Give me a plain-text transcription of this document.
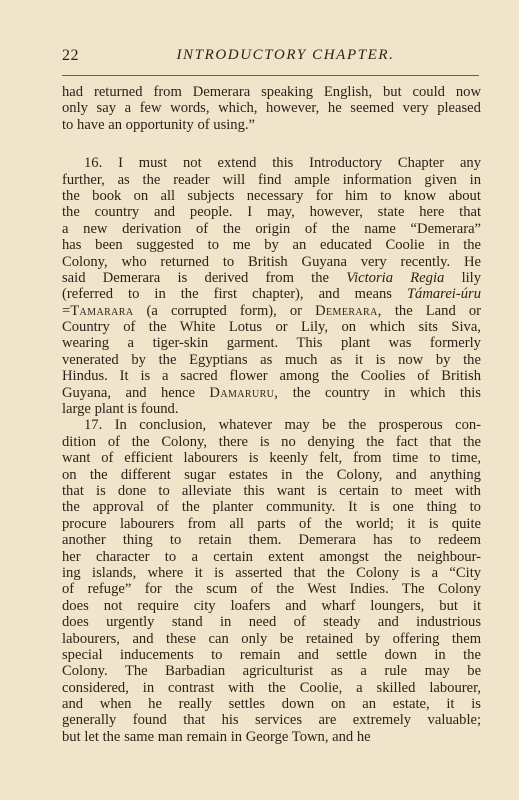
22	INTRODUCTORY CHAPTER.
had returned from Demerara speaking English, but could now
only say a few words, which, however, he seemed very pleased
to have an opportunity of using.”
16. I must not extend this Introductory Chapter any
further, as the reader will find ample information given in
the book on all subjects necessary for him to know about
the country and people. I may, however, state here that
a new derivation of the origin of the name “Demerara”
has been suggested to me by an educated Coolie in the
Colony, who returned to British Guyana very recently. He
said Demerara is derived from the Victoria Regia lily
(referred to in the first chapter), and means Támarei-úru
=Tamarara (a corrupted form), or Demerara, the Land or
Country of the White Lotus or Lily, on which sits Siva,
wearing a tiger-skin garment. This plant was formerly
venerated by the Egyptians as much as it is now by the
Hindus. It is a sacred flower among the Coolies of British
Guyana, and hence Damaruru, the country in which this
large plant is found.
17. In conclusion, whatever may be the prosperous con-
dition of the Colony, there is no denying the fact that the
want of efficient labourers is keenly felt, from time to time,
on the different sugar estates in the Colony, and anything
that is done to alleviate this want is certain to meet with
the approval of the planter community. It is one thing to
procure labourers from all parts of the world; it is quite
another thing to retain them. Demerara has to redeem
her character to a certain extent amongst the neighbour-
ing islands, where it is asserted that the Colony is a “City
of refuge” for the scum of the West Indies. The Colony
does not require city loafers and wharf loungers, but it
does urgently stand in need of steady and industrious
labourers, and these can only be retained by offering them
special inducements to remain and settle down in the
Colony. The Barbadian agriculturist as a rule may be
considered, in contrast with the Coolie, a skilled labourer,
and when he really settles down on an estate, it is
generally found that his services are extremely valuable;
but let the same man remain in George Town, and he
